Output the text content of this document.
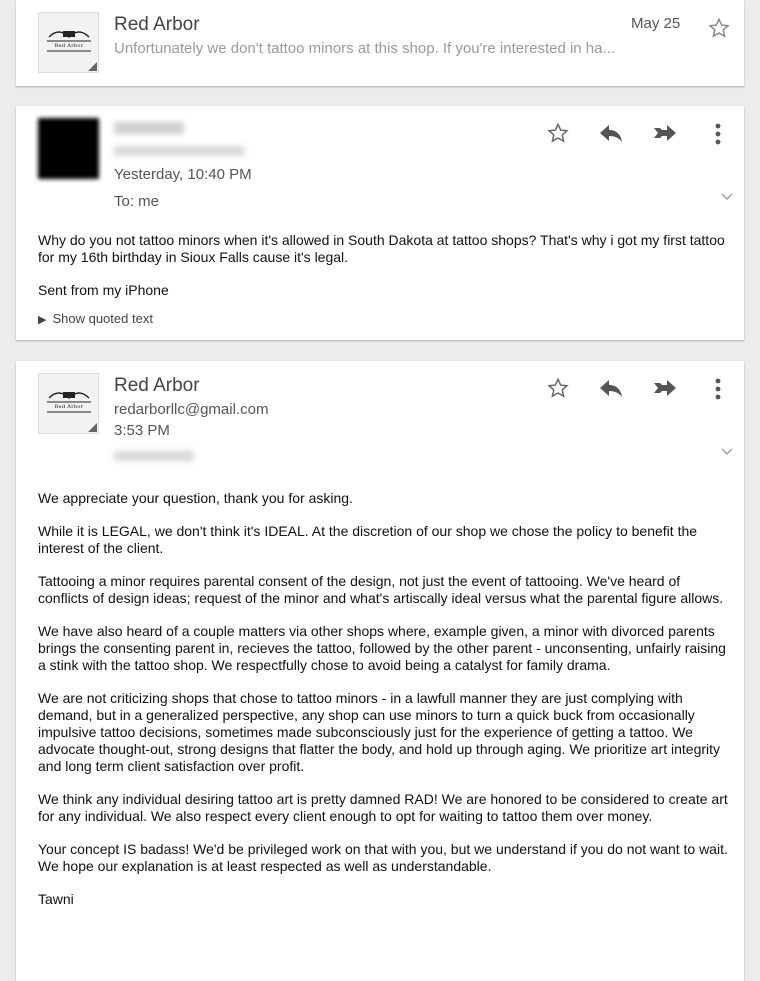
Red Arbor
Red Arbor
Unfortunately we don't tattoo minors at this shop. If you're interested in ha...
May 25
Yesterday, 10:40 PM
To: me

Why do you not tattoo minors when it's allowed in South Dakota at tattoo shops? That's why i got my first tattoo for my 16th birthday in Sioux Falls cause it's legal.

Sent from my iPhone

▶ Show quoted text
Red Arbor
Red Arbor
redarborllc@gmail.com
3:53 PM

We appreciate your question, thank you for asking.

While it is LEGAL, we don't think it's IDEAL. At the discretion of our shop we chose the policy to benefit the interest of the client.

Tattooing a minor requires parental consent of the design, not just the event of tattooing. We've heard of conflicts of design ideas; request of the minor and what's artiscally ideal versus what the parental figure allows.

We have also heard of a couple matters via other shops where, example given, a minor with divorced parents brings the consenting parent in, recieves the tattoo, followed by the other parent - unconsenting, unfairly raising a stink with the tattoo shop. We respectfully chose to avoid being a catalyst for family drama.

We are not criticizing shops that chose to tattoo minors - in a lawfull manner they are just complying with demand, but in a generalized perspective, any shop can use minors to turn a quick buck from occasionally impulsive tattoo decisions, sometimes made subconsciously just for the experience of getting a tattoo. We advocate thought-out, strong designs that flatter the body, and hold up through aging. We prioritize art integrity and long term client satisfaction over profit.

We think any individual desiring tattoo art is pretty damned RAD! We are honored to be considered to create art for any individual. We also respect every client enough to opt for waiting to tattoo them over money.

Your concept IS badass! We'd be privileged work on that with you, but we understand if you do not want to wait. We hope our explanation is at least respected as well as understandable.

Tawni
